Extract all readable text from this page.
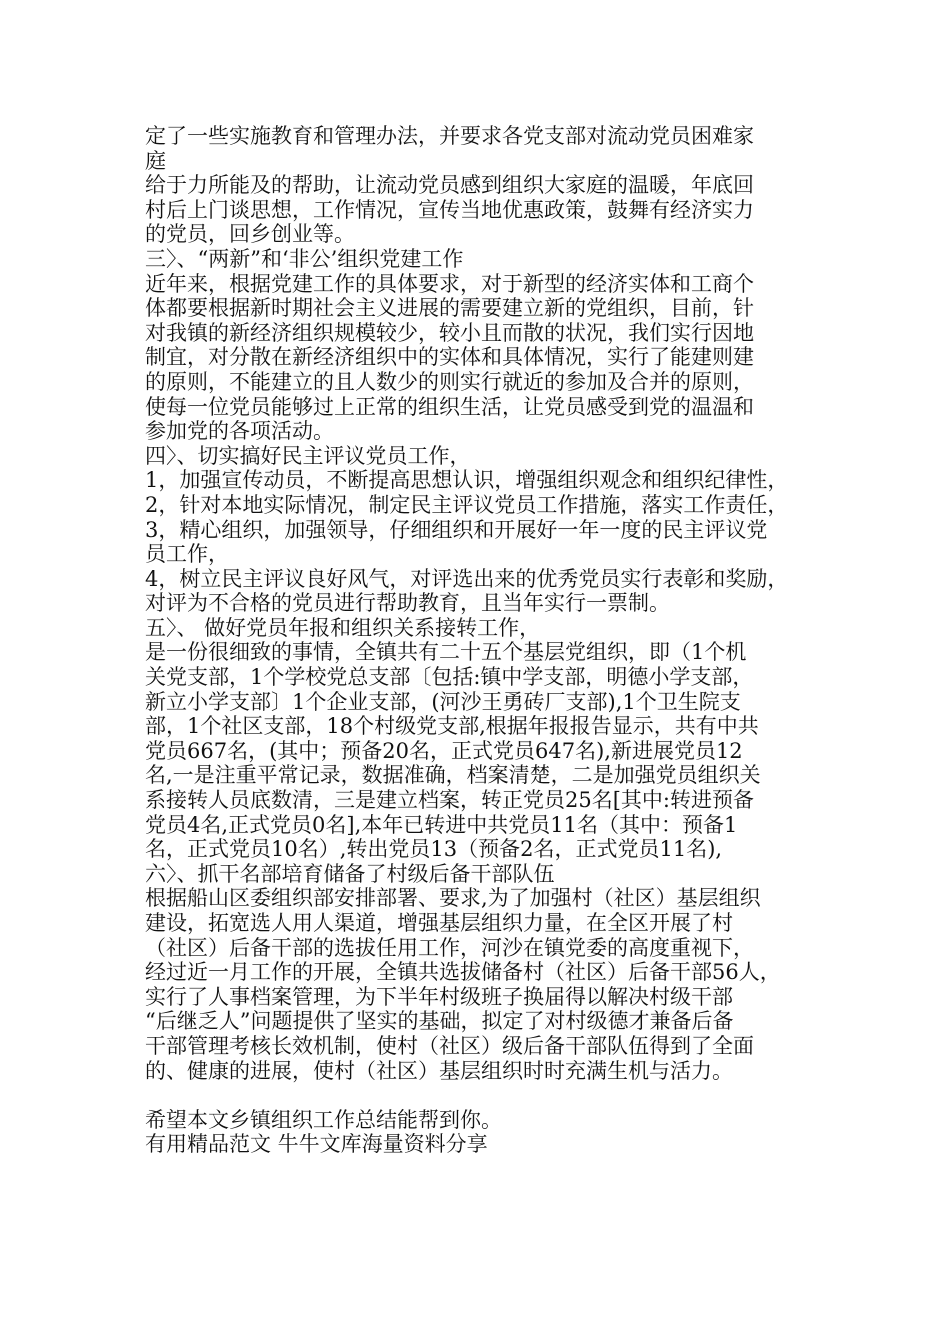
定了一些实施教育和管理办法，并要求各党支部对流动党员困难家
庭
给于力所能及的帮助，让流动党员感到组织大家庭的温暖，年底回
村后上门谈思想，工作情况，宣传当地优惠政策，鼓舞有经济实力
的党员，回乡创业等。
三〉、“两新”和‘非公’组织党建工作
近年来，根据党建工作的具体要求，对于新型的经济实体和工商个
体都要根据新时期社会主义进展的需要建立新的党组织，目前，针
对我镇的新经济组织规模较少，较小且而散的状况，我们实行因地
制宜，对分散在新经济组织中的实体和具体情况，实行了能建则建
的原则，不能建立的且人数少的则实行就近的参加及合并的原则，
使每一位党员能够过上正常的组织生活，让党员感受到党的温温和
参加党的各项活动。
四〉、切实搞好民主评议党员工作，
1，加强宣传动员，不断提高思想认识，增强组织观念和组织纪律性，
2，针对本地实际情况，制定民主评议党员工作措施，落实工作责任，
3，精心组织，加强领导，仔细组织和开展好一年一度的民主评议党
员工作，
4，树立民主评议良好风气，对评选出来的优秀党员实行表彰和奖励，
对评为不合格的党员进行帮助教育，且当年实行一票制。
五〉、 做好党员年报和组织关系接转工作，
是一份很细致的事情，全镇共有二十五个基层党组织，即（1个机
关党支部，1个学校党总支部〔包括:镇中学支部，明德小学支部，
新立小学支部〕1个企业支部，(河沙王勇砖厂支部),1个卫生院支
部，1个社区支部，18个村级党支部,根据年报报告显示，共有中共
党员667名，(其中；预备20名，正式党员647名),新进展党员12
名,一是注重平常记录，数据准确，档案清楚，二是加强党员组织关
系接转人员底数清，三是建立档案，转正党员25名[其中:转进预备
党员4名,正式党员0名],本年已转进中共党员11名（其中：预备1
名，正式党员10名）,转出党员13（预备2名，正式党员11名),
六〉、抓干名部培育储备了村级后备干部队伍
根据船山区委组织部安排部署、要求,为了加强村（社区）基层组织
建设，拓宽选人用人渠道，增强基层组织力量，在全区开展了村
（社区）后备干部的选拔任用工作，河沙在镇党委的高度重视下，
经过近一月工作的开展，全镇共选拔储备村（社区）后备干部56人，
实行了人事档案管理，为下半年村级班子换届得以解决村级干部
“后继乏人”问题提供了坚实的基础，拟定了对村级德才兼备后备
干部管理考核长效机制，使村（社区）级后备干部队伍得到了全面
的、健康的进展，使村（社区）基层组织时时充满生机与活力。
希望本文乡镇组织工作总结能帮到你。
有用精品范文 牛牛文库海量资料分享
